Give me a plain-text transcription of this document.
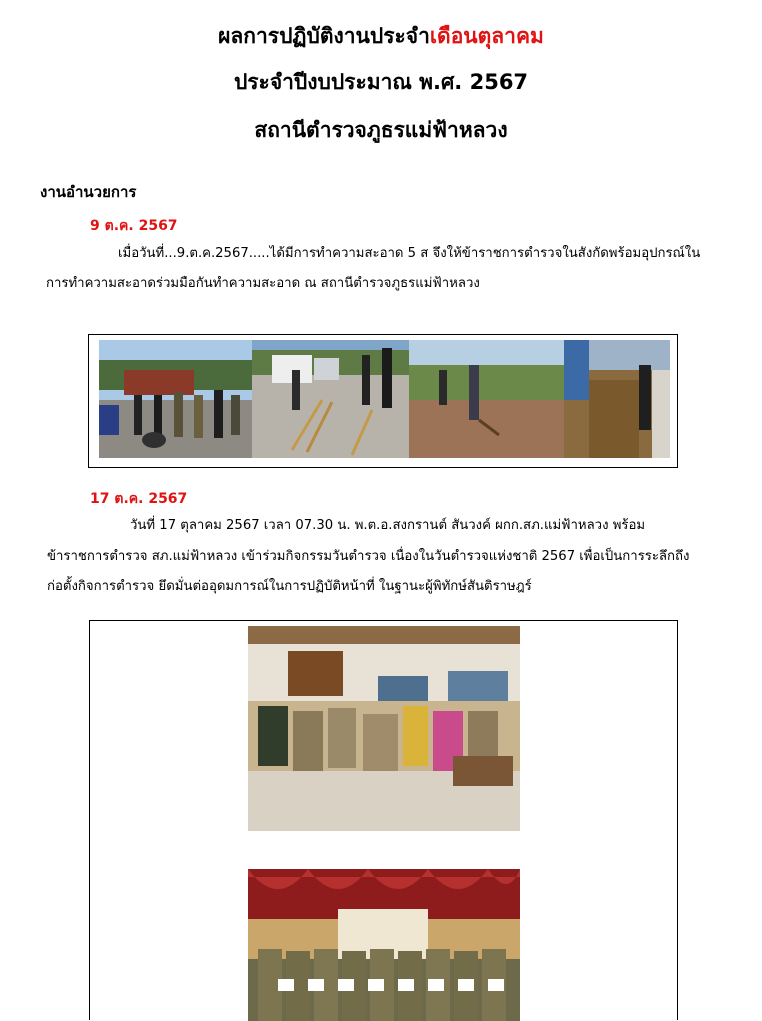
ผลการปฏิบัติงานประจำเดือนตุลาคม
ประจำปีงบประมาณ พ.ศ. 2567
สถานีตำรวจภูธรแม่ฟ้าหลวง
งานอำนวยการ
9 ต.ค. 2567
เมื่อวันที่...9.ต.ค.2567.....ได้มีการทำความสะอาด 5 ส จึงให้ข้าราชการตำรวจในสังกัดพร้อมอุปกรณ์ใน
การทำความสะอาดร่วมมือกันทำความสะอาด ณ สถานีตำรวจภูธรแม่ฟ้าหลวง
17 ต.ค. 2567
วันที่ 17 ตุลาคม 2567 เวลา 07.30 น. พ.ต.อ.สงกรานต์ สันวงค์ ผกก.สภ.แม่ฟ้าหลวง พร้อม
ข้าราชการตำรวจ สภ.แม่ฟ้าหลวง เข้าร่วมกิจกรรมวันตำรวจ เนื่องในวันตำรวจแห่งชาติ 2567 เพื่อเป็นการระลึกถึง
ก่อตั้งกิจการตำรวจ ยึดมั่นต่ออุดมการณ์ในการปฏิบัติหน้าที่ ในฐานะผู้พิทักษ์สันติราษฎร์
